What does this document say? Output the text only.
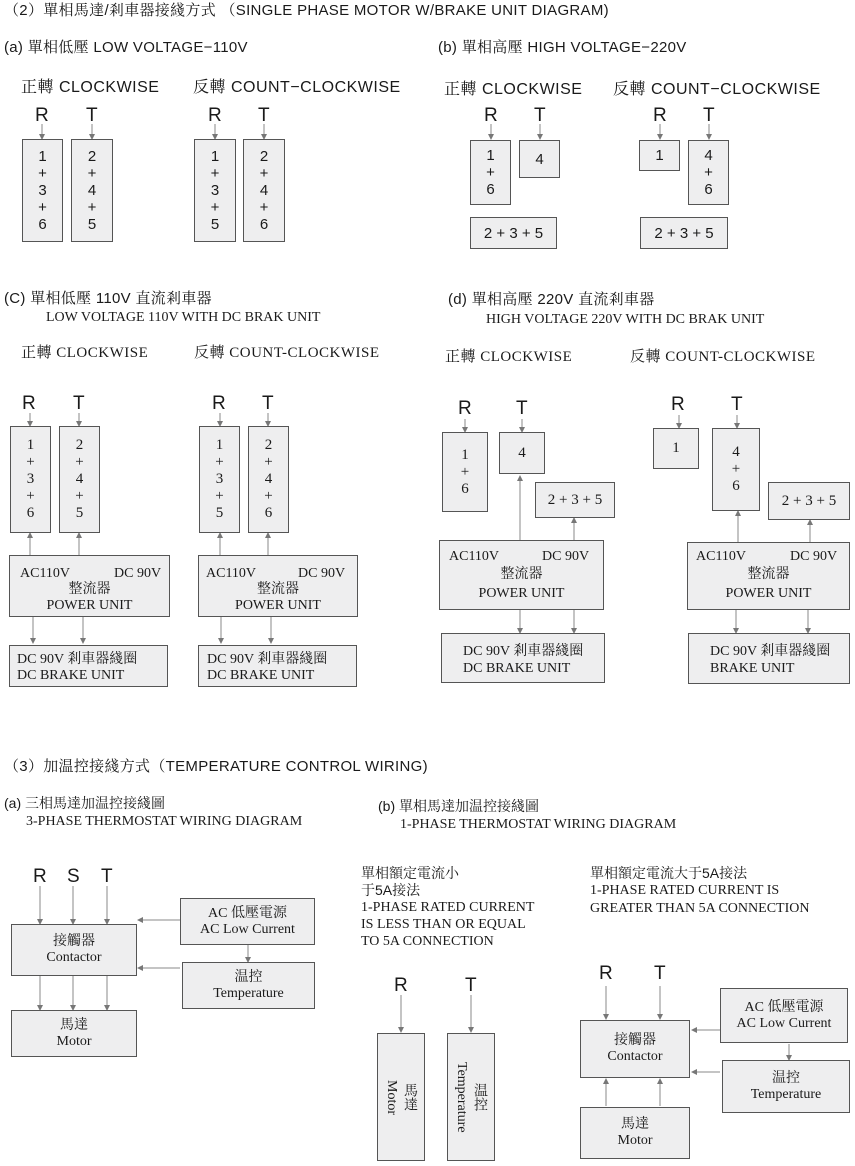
（2）單相馬達/剎車器接綫方式 （SINGLE PHASE MOTOR W/BRAKE UNIT DIAGRAM)
(a) 單相低壓 LOW VOLTAGE−110V	(b) 單相高壓 HIGH VOLTAGE−220V
正轉 CLOCKWISE 反轉 COUNT−CLOCKWISE	正轉 CLOCKWISE 反轉 COUNT−CLOCKWISE
R T	R T	R T	R T
1
+
3
+
6
2
+
4
+
5
1
+
3
+
5
2
+
4
+
6
1
+
6
4
2 + 3 + 5
1	4
+
6
2 + 3 + 5
(C) 單相低壓 110V 直流剎車器
LOW VOLTAGE 110V WITH DC BRAK UNIT
(d) 單相高壓 220V 直流剎車器
HIGH VOLTAGE 220V WITH DC BRAK UNIT
正轉 CLOCKWISE	反轉 COUNT-CLOCKWISE	正轉 CLOCKWISE	反轉 COUNT-CLOCKWISE
R T	R T	R T	R T
1
+
3
+
6
2
+
4
+
5
1
+
3
+
5
2
+
4
+
6
AC110V	DC 90V
整流器
POWER UNIT
DC 90V 剎車器綫圈
DC BRAKE UNIT
AC110V	DC 90V
整流器
POWER UNIT
DC 90V 剎車器綫圈
DC BRAKE UNIT
1
+
6
4
2 + 3 + 5
AC110V	DC 90V
整流器
POWER UNIT
DC 90V 剎車器綫圈
DC BRAKE UNIT
1	4
+
6
2 + 3 + 5
AC110V	DC 90V
整流器
POWER UNIT
DC 90V 剎車器綫圈
BRAKE UNIT
（3）加温控接綫方式（TEMPERATURE CONTROL WIRING)
(a) 三相馬達加温控接綫圖
3-PHASE THERMOSTAT WIRING DIAGRAM
(b) 單相馬達加温控接綫圖
1-PHASE THERMOSTAT WIRING DIAGRAM
R S T
接觸器
Contactor
AC 低壓電源
AC Low Current
温控
Temperature
馬達
Motor
單相額定電流小
于5A接法
1-PHASE RATED CURRENT
IS LESS THAN OR EQUAL
TO 5A CONNECTION
R	T
馬達
Motor	温控
Temperature
單相額定電流大于5A接法
1-PHASE RATED CURRENT IS
GREATER THAN 5A CONNECTION
R T
接觸器
Contactor
AC 低壓電源
AC Low Current
温控
Temperature
馬達
Motor
